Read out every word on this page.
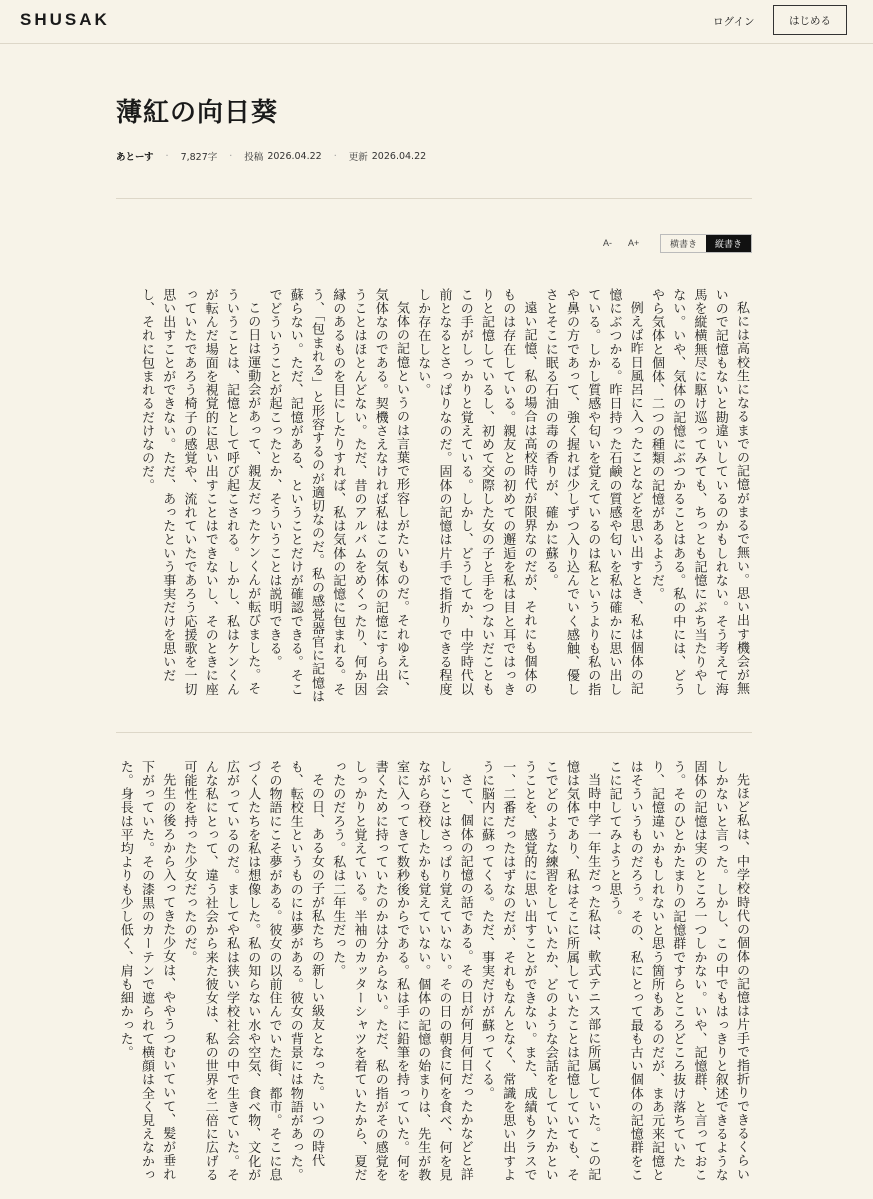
SHUSAK	ログイン	はじめる
薄紅の向日葵
あとーす · 7,827字 · 投稿 2026.04.22 · 更新 2026.04.22
A- A+	横書き	縦書き

私には高校生になるまでの記憶がまるで無い。思い出す機会が無いので記憶もないと勘違いしているのかもしれない。そう考えて海馬を縦横無尽に駆け巡ってみても、ちっとも記憶にぶち当たりやしない。いや、気体の記憶にぶつかることはある。私の中には、どうやら気体と個体、二つの種類の記憶があるようだ。

例えば昨日風呂に入ったことなどを思い出すとき、私は個体の記憶にぶつかる。昨日持った石鹸の質感や匂いを私は確かに思い出している。しかし質感や匂いを覚えているのは私というよりも私の指や鼻の方であって、強く握れば少しずつ入り込んでいく感触、優しさとそこに眠る石油の毒の香りが、確かに蘇る。

遠い記憶、私の場合は高校時代が限界なのだが、それにも個体のものは存在している。親友との初めての邂逅を私は目と耳ではっきりと記憶しているし、初めて交際した女の子と手をつないだこともこの手がしっかりと覚えている。しかし、どうしてか、中学時代以前となるとさっぱりなのだ。固体の記憶は片手で指折りできる程度しか存在しない。

気体の記憶というのは言葉で形容しがたいものだ。それゆえに、気体なのである。契機さえなければ私はこの気体の記憶にすら出会うことはほとんどない。ただ、昔のアルバムをめくったり、何か因縁のあるものを目にしたりすれば、私は気体の記憶に包まれる。そう、「包まれる」と形容するのが適切なのだ。私の感覚器官に記憶は蘇らない。ただ、記憶がある、ということだけが確認できる。そこでどういうことが起こったとか、そういうことは説明できる。

この日は運動会があって、親友だったケンくんが転びました。そういうことは、記憶として呼び起こされる。しかし、私はケンくんが転んだ場面を視覚的に思い出すことはできないし、そのときに座っていたであろう椅子の感覚や、流れていたであろう応援歌を一切思い出すことができない。ただ、あったという事実だけを思いだし、それに包まれるだけなのだ。

先ほど私は、中学校時代の個体の記憶は片手で指折りできるくらいしかないと言った。しかし、この中でもはっきりと叙述できるような固体の記憶は実のところ一つしかない。いや、記憶群、と言っておこう。そのひとかたまりの記憶群ですらところどころ抜け落ちていたり、記憶違いかもしれないと思う箇所もあるのだが、まあ元来記憶とはそういうものだろう。その、私にとって最も古い個体の記憶群をここに記してみようと思う。

当時中学一年生だった私は、軟式テニス部に所属していた。この記憶は気体であり、私はそこに所属していたことは記憶していても、そこでどのような練習をしていたか、どのような会話をしていたかということを、感覚的に思い出すことができない。また、成績もクラスで一、二番だったはずなのだが、それもなんとなく、常識を思い出すように脳内に蘇ってくる。ただ、事実だけが蘇ってくる。

さて、個体の記憶の話である。その日が何月何日だったかなどと詳しいことはさっぱり覚えていない。その日の朝食に何を食べ、何を見ながら登校したかも覚えていない。個体の記憶の始まりは、先生が教室に入ってきて数秒後からである。私は手に鉛筆を持っていた。何を書くために持っていたのかは分からない。ただ、私の指がその感覚をしっかりと覚えている。半袖のカッターシャツを着ていたから、夏だったのだろう。私は二年生だった。

その日、ある女の子が私たちの新しい級友となった。いつの時代も、転校生というものには夢がある。彼女の背景には物語があった。その物語にこそ夢がある。彼女の以前住んでいた街、都市。そこに息づく人たちを私は想像した。私の知らない水や空気、食べ物、文化が広がっているのだ。ましてや私は狭い学校社会の中で生きていた。そんな私にとって、違う社会から来た彼女は、私の世界を二倍に広げる可能性を持った少女だったのだ。

先生の後ろから入ってきた少女は、ややうつむいていて、髪が垂れ下がっていた。その漆黒のカーテンで遮られて横顔は全く見えなかった。身長は平均よりも少し低く、肩も細かった。
